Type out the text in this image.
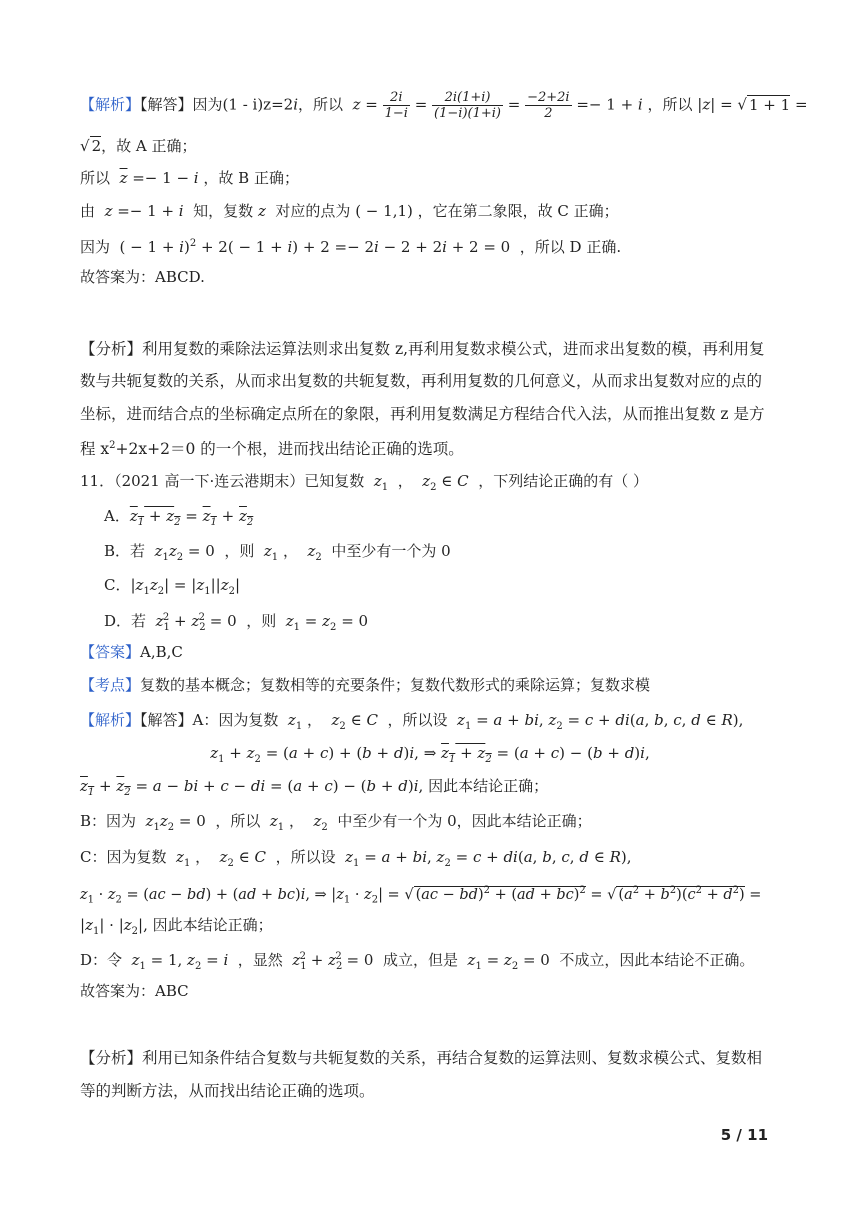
【解析】【解答】因为(1 - i)z=2i，所以  $z = \frac{2i}{1-i} = \frac{2i(1+i)}{(1-i)(1+i)} = \frac{-2+2i}{2} =- 1 + i$ ，所以 |z| = √ 1 + 1 =
√ 2，故 A 正确；
所以 $\overline{z} =- 1 - i$ ，故 B 正确；
由 z =− 1 + i 知，复数 z 对应的点为 ( − 1,1) ，它在第二象限，故 C 正确；
因为  ( − 1 + i)$^2$ + 2( − 1 + i) + 2 =− 2i − 2 + 2i + 2 = 0  ，所以 D 正确.
故答案为：ABCD.
【分析】利用复数的乘除法运算法则求出复数 z,再利用复数求模公式，进而求出复数的模，再利用复
数与共轭复数的关系，从而求出复数的共轭复数，再利用复数的几何意义，从而求出复数对应的点的
坐标，进而结合点的坐标确定点所在的象限，再利用复数满足方程结合代入法，从而推出复数 z 是方
程 $x^2+2x+2=0$ 的一个根，进而找出结论正确的选项。
11．（2021 高一下·连云港期末）已知复数 $z_1$ ， $z_2$ ∈ C ，下列结论正确的有（ ）
A．$z_1 + z_2 = z_1 + z_2$
B．若 $z_1z_2 = 0$  ，则 $z_1$ ，  $z_2$ 中至少有一个为 0
C．$|z_1z_2| = |z_1||z_2|$
D．若 $z_1^2 + z_2^2 = 0$  ，则 $z_1 = z_2 = 0$
【答案】A,B,C
【考点】复数的基本概念；复数相等的充要条件；复数代数形式的乘除运算；复数求模
【解析】【解答】A：因为复数 $z_1$ ，  $z_2$ ∈ C ，所以设 $z_1 = a$ + bi, $z_2 = c + di(a$, b, c, d ∈ R),
$z_1 + z_2 = (a + c) + (b + d)i$, ⇒ $z_1 + z_2 = (a + c) - (b + d)i$,
$z_1 + z_2 = a$ − bi + c − di = (a + c) − (b + d)i, 因此本结论正确；
B：因为 $z_1z_2 = 0$  ，所以 $z_1$ ，  $z_2$ 中至少有一个为 0，因此本结论正确；
C：因为复数 $z_1$ ，  $z_2$ ∈ C ，所以设 $z_1 = a$ + bi, $z_2 = c + di(a$, b, c, d ∈ R),
$z_1 \cdot z_2 = (ac - bd) + (ad + bc)i$, ⇒ $|z_1 \cdot z_2|$ = √ (ac − bd)$^2$ + (ad + bc)$^2$ = √ $(a^2 + b^2)(c^2 + d^2)$ =
$|z_1| \cdot |z_2|$, 因此本结论正确；
D：令 $z_1 = 1$, $z_2 = i$ ，显然 $z_1^2 + z_2^2 = 0$  成立，但是 $z_1 = z_2 = 0$  不成立，因此本结论不正确。
故答案为：ABC
【分析】利用已知条件结合复数与共轭复数的关系，再结合复数的运算法则、复数求模公式、复数相
等的判断方法，从而找出结论正确的选项。
5 / 11
